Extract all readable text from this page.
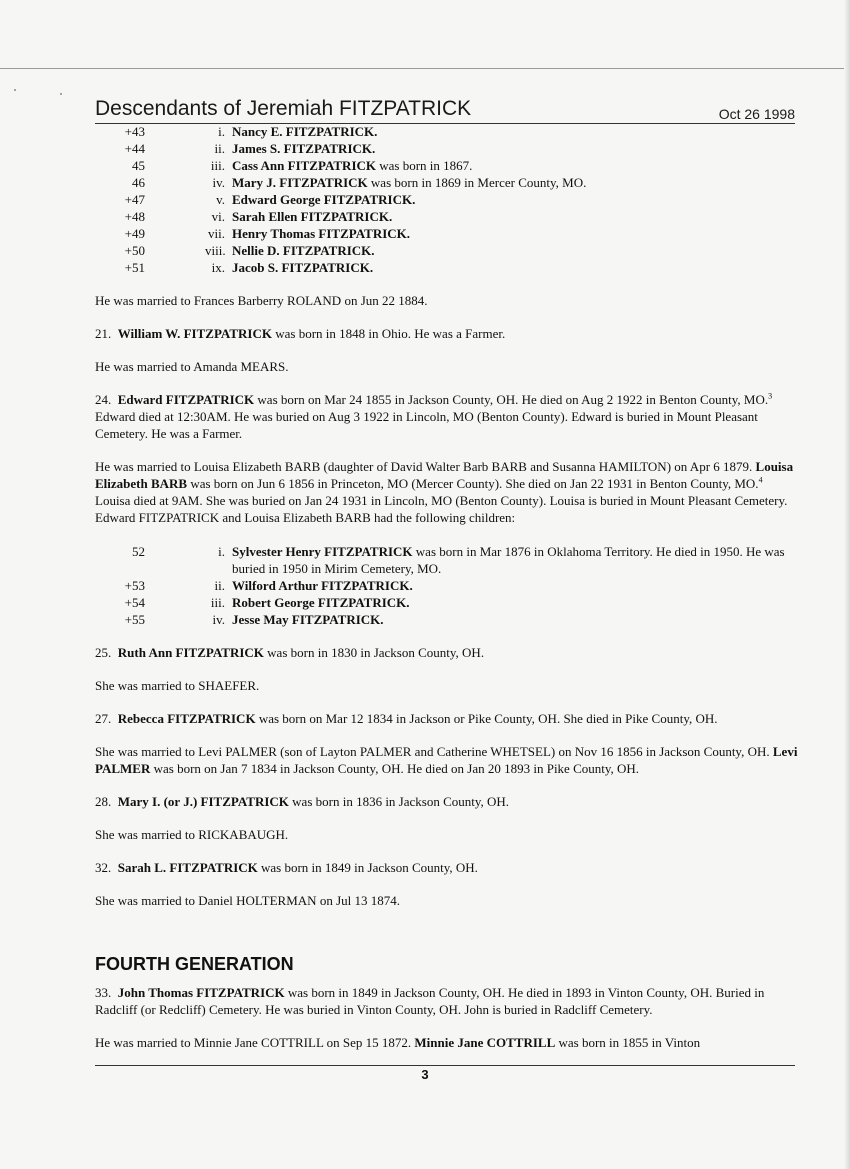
Descendants of Jeremiah FITZPATRICK	Oct 26 1998
+43	i. Nancy E. FITZPATRICK.
+44	ii. James S. FITZPATRICK.
45	iii. Cass Ann FITZPATRICK was born in 1867.
46	iv. Mary J. FITZPATRICK was born in 1869 in Mercer County, MO.
+47	v. Edward George FITZPATRICK.
+48	vi. Sarah Ellen FITZPATRICK.
+49	vii. Henry Thomas FITZPATRICK.
+50	viii. Nellie D. FITZPATRICK.
+51	ix. Jacob S. FITZPATRICK.

He was married to Frances Barberry ROLAND on Jun 22 1884.

21. William W. FITZPATRICK was born in 1848 in Ohio. He was a Farmer.

He was married to Amanda MEARS.

24. Edward FITZPATRICK was born on Mar 24 1855 in Jackson County, OH. He died on Aug 2 1922 in Benton County, MO.$^3$ Edward died at 12:30AM. He was buried on Aug 3 1922 in Lincoln, MO (Benton County). Edward is buried in Mount Pleasant Cemetery. He was a Farmer.

He was married to Louisa Elizabeth BARB (daughter of David Walter Barb BARB and Susanna HAMILTON) on Apr 6 1879. Louisa Elizabeth BARB was born on Jun 6 1856 in Princeton, MO (Mercer County). She died on Jan 22 1931 in Benton County, MO.$^4$ Louisa died at 9AM. She was buried on Jan 24 1931 in Lincoln, MO (Benton County). Louisa is buried in Mount Pleasant Cemetery. Edward FITZPATRICK and Louisa Elizabeth BARB had the following children:

52	i. Sylvester Henry FITZPATRICK was born in Mar 1876 in Oklahoma Territory. He died in 1950. He was buried in 1950 in Mirim Cemetery, MO.
+53	ii. Wilford Arthur FITZPATRICK.
+54	iii. Robert George FITZPATRICK.
+55	iv. Jesse May FITZPATRICK.

25. Ruth Ann FITZPATRICK was born in 1830 in Jackson County, OH.

She was married to SHAEFER.

27. Rebecca FITZPATRICK was born on Mar 12 1834 in Jackson or Pike County, OH. She died in Pike County, OH.

She was married to Levi PALMER (son of Layton PALMER and Catherine WHETSEL) on Nov 16 1856 in Jackson County, OH. Levi PALMER was born on Jan 7 1834 in Jackson County, OH. He died on Jan 20 1893 in Pike County, OH.

28. Mary I. (or J.) FITZPATRICK was born in 1836 in Jackson County, OH.

She was married to RICKABAUGH.

32. Sarah L. FITZPATRICK was born in 1849 in Jackson County, OH.

She was married to Daniel HOLTERMAN on Jul 13 1874.

FOURTH GENERATION

33. John Thomas FITZPATRICK was born in 1849 in Jackson County, OH. He died in 1893 in Vinton County, OH. Buried in Radcliff (or Redcliff) Cemetery. He was buried in Vinton County, OH. John is buried in Radcliff Cemetery.

He was married to Minnie Jane COTTRILL on Sep 15 1872. Minnie Jane COTTRILL was born in 1855 in Vinton

3
